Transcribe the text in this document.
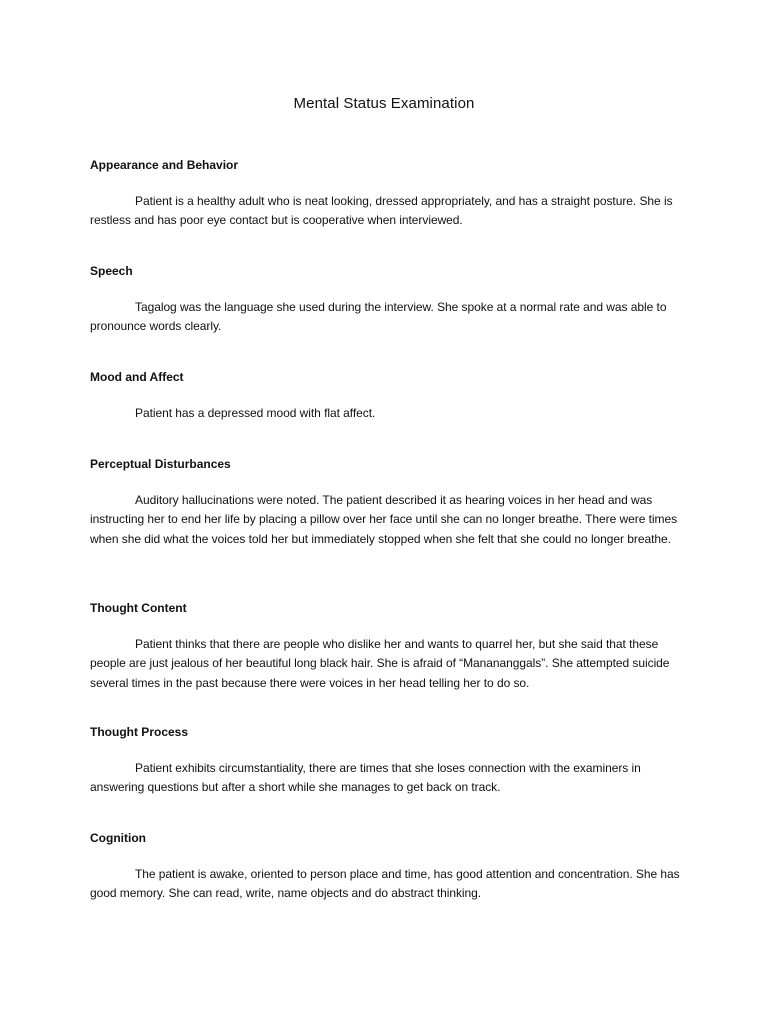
Mental Status Examination
Appearance and Behavior

Patient is a healthy adult who is neat looking, dressed appropriately, and has a straight posture. She is restless and has poor eye contact but is cooperative when interviewed.

Speech

Tagalog was the language she used during the interview. She spoke at a normal rate and was able to pronounce words clearly.

Mood and Affect

Patient has a depressed mood with flat affect.

Perceptual Disturbances

Auditory hallucinations were noted. The patient described it as hearing voices in her head and was instructing her to end her life by placing a pillow over her face until she can no longer breathe. There were times when she did what the voices told her but immediately stopped when she felt that she could no longer breathe.

Thought Content

Patient thinks that there are people who dislike her and wants to quarrel her, but she said that these people are just jealous of her beautiful long black hair. She is afraid of “Manananggals”. She attempted suicide several times in the past because there were voices in her head telling her to do so.

Thought Process

Patient exhibits circumstantiality, there are times that she loses connection with the examiners in answering questions but after a short while she manages to get back on track.

Cognition

The patient is awake, oriented to person place and time, has good attention and concentration. She has good memory. She can read, write, name objects and do abstract thinking.
